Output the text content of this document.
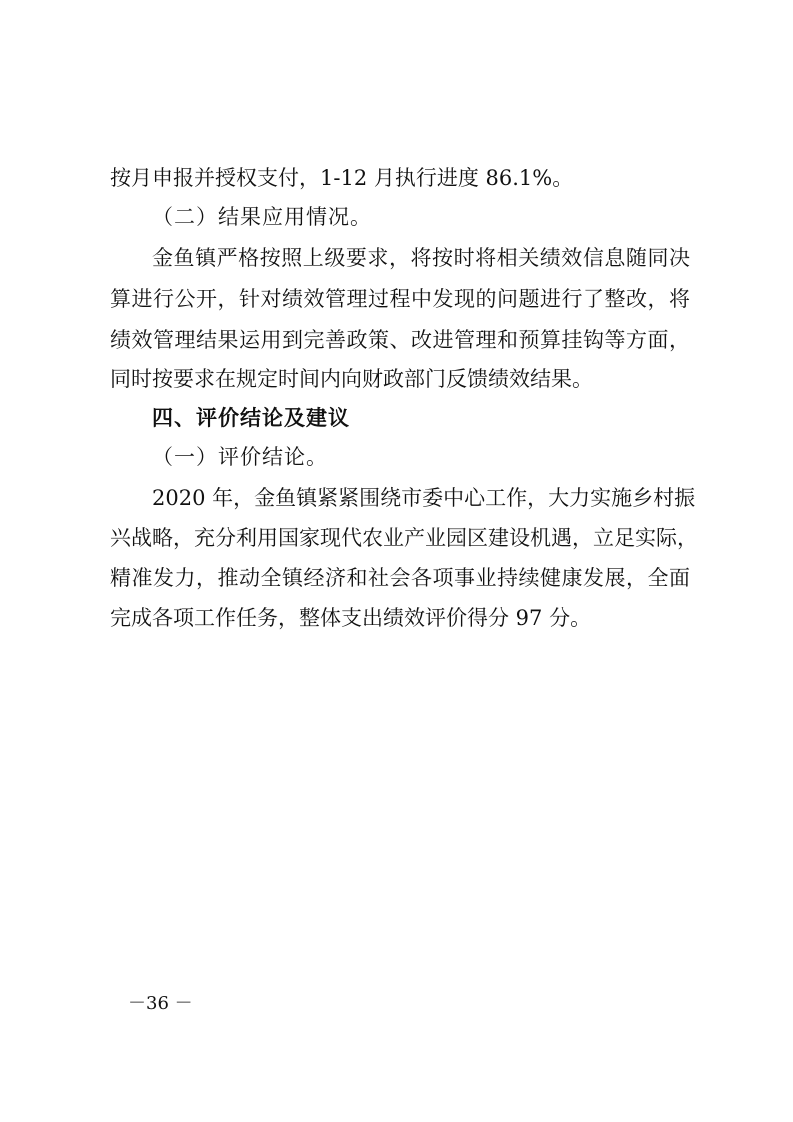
按月申报并授权支付，1-12 月执行进度 86.1%。
（二）结果应用情况。
金鱼镇严格按照上级要求，将按时将相关绩效信息随同决
算进行公开，针对绩效管理过程中发现的问题进行了整改，将
绩效管理结果运用到完善政策、改进管理和预算挂钩等方面，
同时按要求在规定时间内向财政部门反馈绩效结果。
四、评价结论及建议
（一）评价结论。
2020 年，金鱼镇紧紧围绕市委中心工作，大力实施乡村振
兴战略，充分利用国家现代农业产业园区建设机遇，立足实际，
精准发力，推动全镇经济和社会各项事业持续健康发展，全面
完成各项工作任务，整体支出绩效评价得分 97 分。
－36 －
